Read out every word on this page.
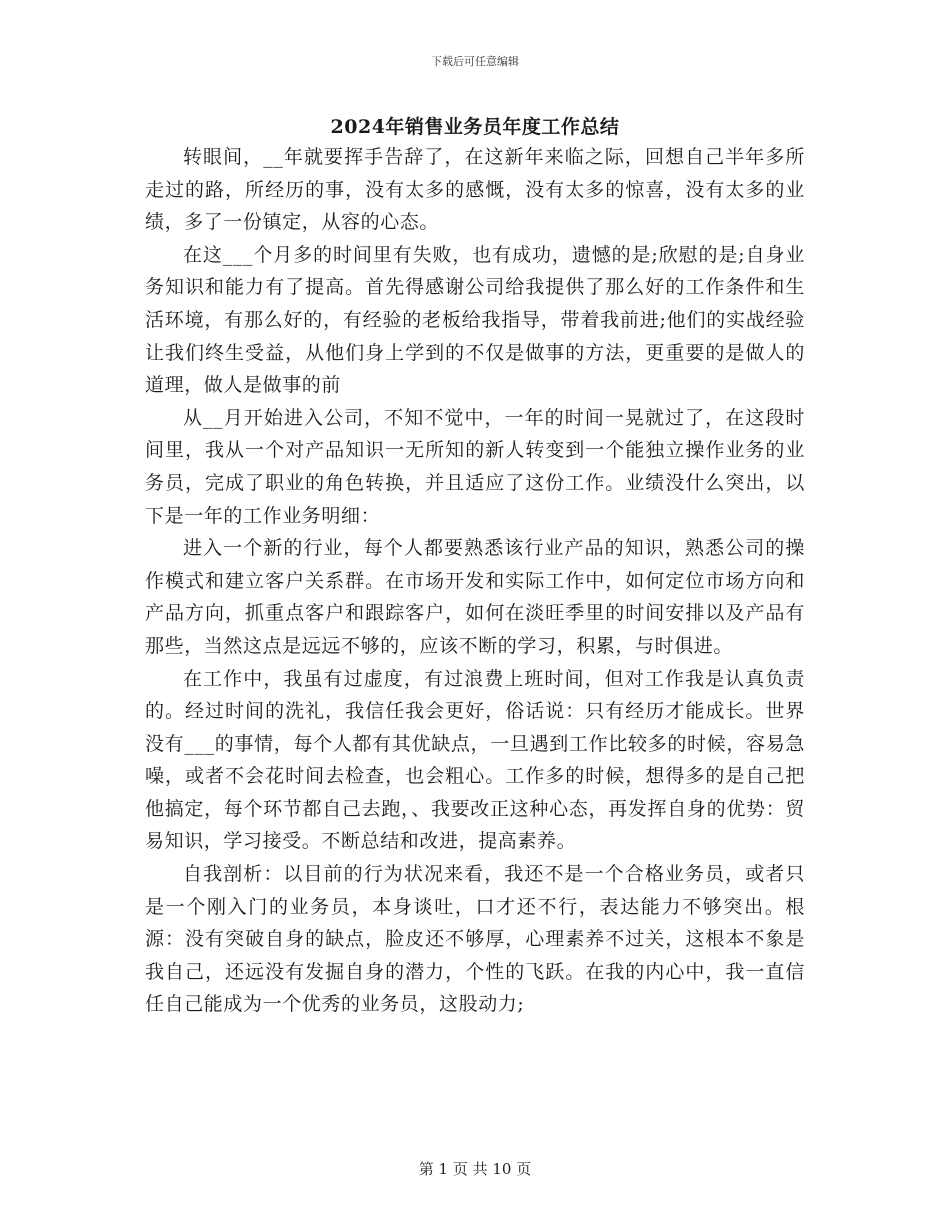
下载后可任意编辑
2024年销售业务员年度工作总结

转眼间，__年就要挥手告辞了，在这新年来临之际，回想自己半年多所走过的路，所经历的事，没有太多的感慨，没有太多的惊喜，没有太多的业绩，多了一份镇定，从容的心态。

在这___个月多的时间里有失败，也有成功，遗憾的是;欣慰的是;自身业务知识和能力有了提高。首先得感谢公司给我提供了那么好的工作条件和生活环境，有那么好的，有经验的老板给我指导，带着我前进;他们的实战经验让我们终生受益，从他们身上学到的不仅是做事的方法，更重要的是做人的道理，做人是做事的前

从__月开始进入公司，不知不觉中，一年的时间一晃就过了，在这段时间里，我从一个对产品知识一无所知的新人转变到一个能独立操作业务的业务员，完成了职业的角色转换，并且适应了这份工作。业绩没什么突出，以下是一年的工作业务明细：

进入一个新的行业，每个人都要熟悉该行业产品的知识，熟悉公司的操作模式和建立客户关系群。在市场开发和实际工作中，如何定位市场方向和产品方向，抓重点客户和跟踪客户，如何在淡旺季里的时间安排以及产品有那些，当然这点是远远不够的，应该不断的学习，积累，与时俱进。

在工作中，我虽有过虚度，有过浪费上班时间，但对工作我是认真负责的。经过时间的洗礼，我信任我会更好，俗话说：只有经历才能成长。世界没有___的事情，每个人都有其优缺点，一旦遇到工作比较多的时候，容易急噪，或者不会花时间去检查，也会粗心。工作多的时候，想得多的是自己把他搞定，每个环节都自己去跑，、我要改正这种心态，再发挥自身的优势：贸易知识，学习接受。不断总结和改进，提高素养。

自我剖析：以目前的行为状况来看，我还不是一个合格业务员，或者只是一个刚入门的业务员，本身谈吐，口才还不行，表达能力不够突出。根源：没有突破自身的缺点，脸皮还不够厚，心理素养不过关，这根本不象是我自己，还远没有发掘自身的潜力，个性的飞跃。在我的内心中，我一直信任自己能成为一个优秀的业务员，这股动力;

第 1 页 共 10 页
